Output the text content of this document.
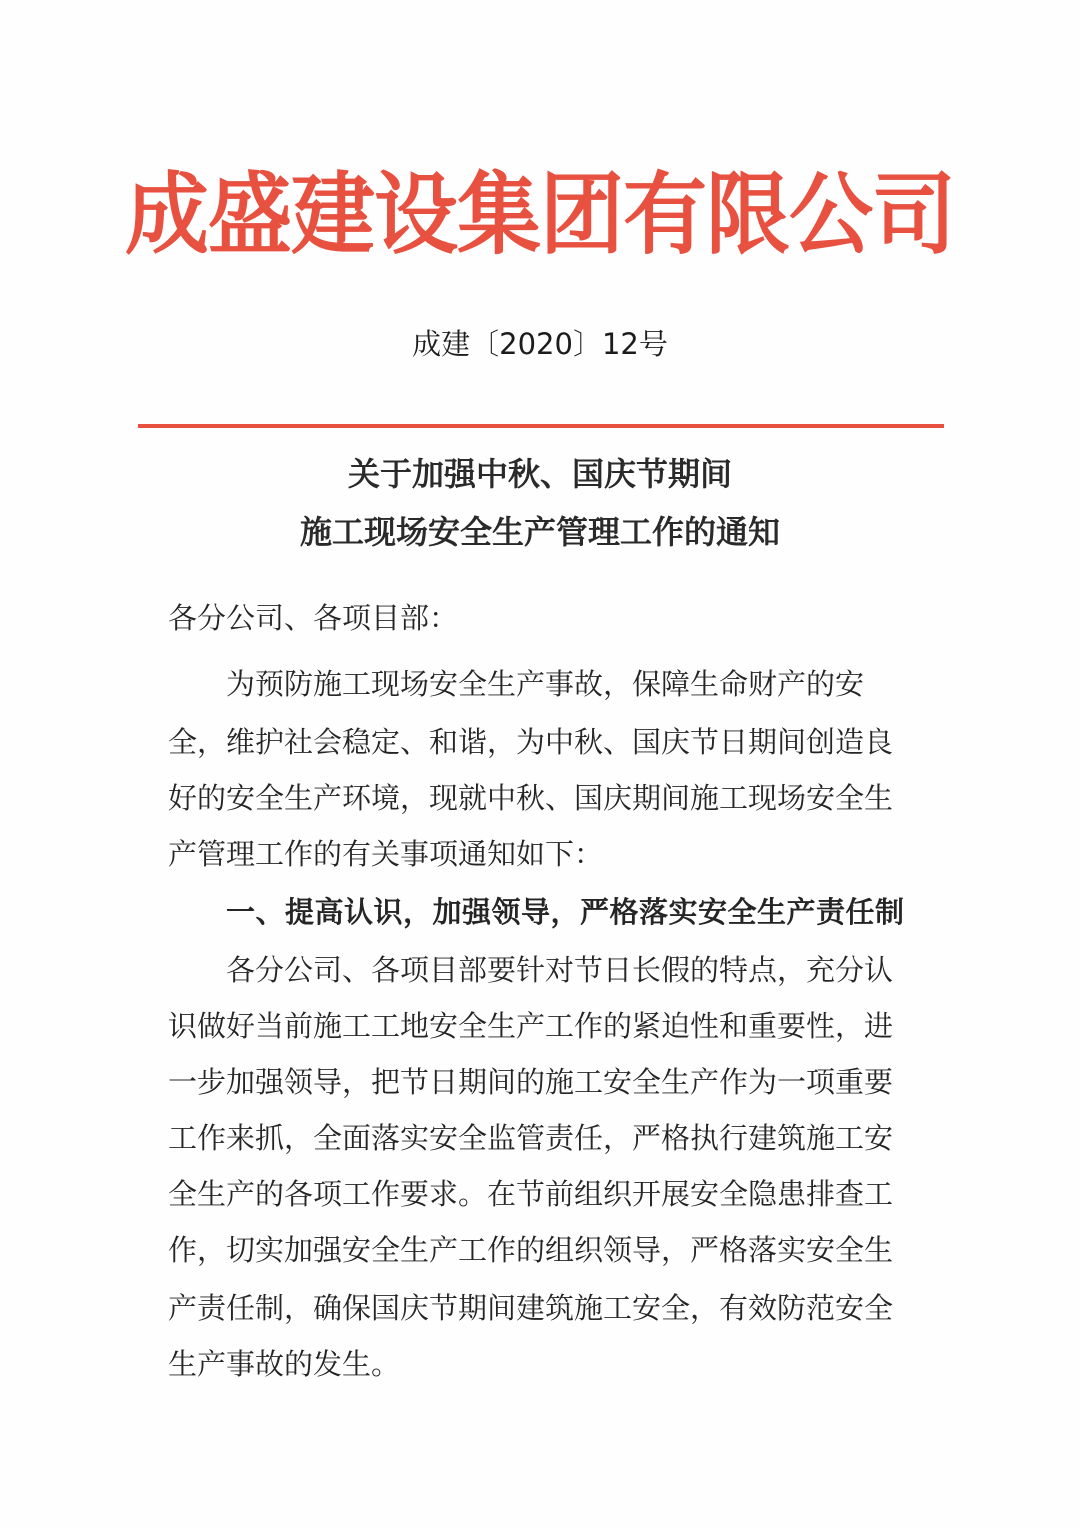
成盛建设集团有限公司
成建〔2020〕12号
关于加强中秋、国庆节期间
施工现场安全生产管理工作的通知
各分公司、各项目部：
为预防施工现场安全生产事故，保障生命财产的安
全，维护社会稳定、和谐，为中秋、国庆节日期间创造良
好的安全生产环境，现就中秋、国庆期间施工现场安全生
产管理工作的有关事项通知如下：
一、提高认识，加强领导，严格落实安全生产责任制
各分公司、各项目部要针对节日长假的特点，充分认
识做好当前施工工地安全生产工作的紧迫性和重要性，进
一步加强领导，把节日期间的施工安全生产作为一项重要
工作来抓，全面落实安全监管责任，严格执行建筑施工安
全生产的各项工作要求。在节前组织开展安全隐患排查工
作，切实加强安全生产工作的组织领导，严格落实安全生
产责任制，确保国庆节期间建筑施工安全，有效防范安全
生产事故的发生。
